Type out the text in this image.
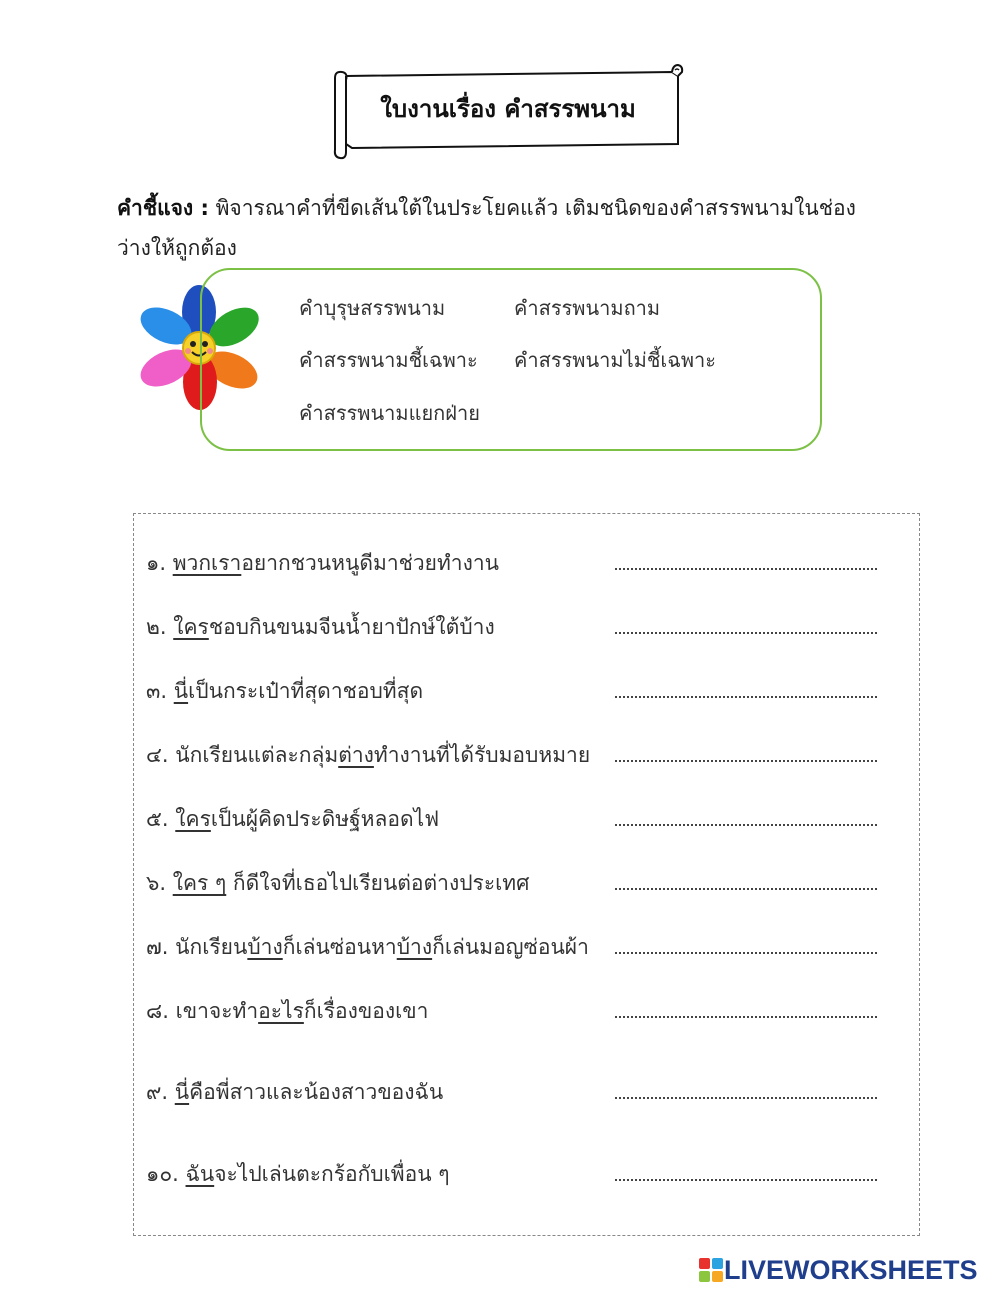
ใบงานเรื่อง คำสรรพนาม
คำชี้แจง : พิจารณาคำที่ขีดเส้นใต้ในประโยคแล้ว เติมชนิดของคำสรรพนามในช่องว่างให้ถูกต้อง
คำบุรุษสรรพนาม	คำสรรพนามถาม
คำสรรพนามชี้เฉพาะ คำสรรพนามไม่ชี้เฉพาะ
คำสรรพนามแยกฝ่าย
๑. พวกเราอยากชวนหนูดีมาช่วยทำงาน
๒. ใครชอบกินขนมจีนน้ำยาปักษ์ใต้บ้าง
๓. นี่เป็นกระเป๋าที่สุดาชอบที่สุด
๔. นักเรียนแต่ละกลุ่มต่างทำงานที่ได้รับมอบหมาย
๕. ใครเป็นผู้คิดประดิษฐ์หลอดไฟ
๖. ใคร ๆ ก็ดีใจที่เธอไปเรียนต่อต่างประเทศ
๗. นักเรียนบ้างก็เล่นซ่อนหาบ้างก็เล่นมอญซ่อนผ้า
๘. เขาจะทำอะไรก็เรื่องของเขา
๙. นี่คือพี่สาวและน้องสาวของฉัน
๑๐. ฉันจะไปเล่นตะกร้อกับเพื่อน ๆ
LIVEWORKSHEETS
